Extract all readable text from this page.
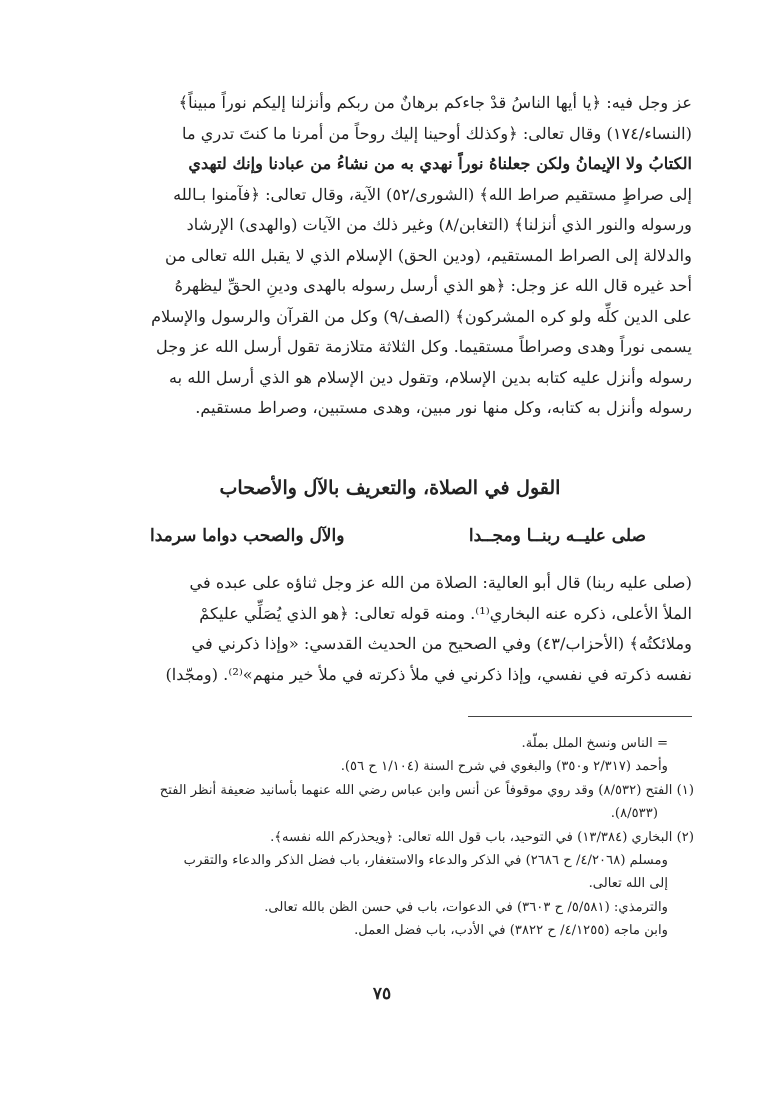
عز وجل فيه: ﴿يا أيها الناسُ قدْ جاءكم برهانٌ من ربكم وأنزلنا إليكم نوراً مبيناً﴾

(النساء/١٧٤) وقال تعالى: ﴿وكذلك أوحينا إليك روحاً من أمرنا ما كنتَ تدري ما

الكتابُ ولا الإيمانُ ولكن جعلناهُ نوراً نهدي به من نشاءُ من عبادنا وإنك لتهدي

إلى صراطٍ مستقيم صراط الله﴾ (الشورى/٥٢) الآية، وقال تعالى: ﴿فآمنوا بـالله

ورسوله والنور الذي أنزلنا﴾ (التغابن/٨) وغير ذلك من الآيات (والهدى) الإرشاد

والدلالة إلى الصراط المستقيم، (ودين الحق) الإسلام الذي لا يقبل الله تعالى من

أحد غيره قال الله عز وجل: ﴿هو الذي أرسل رسوله بالهدى ودينِ الحقِّ ليظهرهُ

على الدين كلِّه ولو كره المشركون﴾ (الصف/٩) وكل من القرآن والرسول والإسلام

يسمى نوراً وهدى وصراطاً مستقيما. وكل الثلاثة متلازمة تقول أرسل الله عز وجل

رسوله وأنزل عليه كتابه بدين الإسلام، وتقول دين الإسلام هو الذي أرسل الله به

رسوله وأنزل به كتابه، وكل منها نور مبين، وهدى مستبين، وصراط مستقيم.

القول في الصلاة، والتعريف بالآل والأصحاب
صلى عليــه ربنــا ومجــدا
والآل والصحب دواما سرمدا

(صلى عليه ربنا) قال أبو العالية: الصلاة من الله عز وجل ثناؤه على عبده في

الملأ الأعلى، ذكره عنه البخاري⁽¹⁾. ومنه قوله تعالى: ﴿هو الذي يُصَلِّي عليكمْ

وملائكتُه﴾ (الأحزاب/٤٣) وفي الصحيح من الحديث القدسي: «وإذا ذكرني في

نفسه ذكرته في نفسي، وإذا ذكرني في ملأ ذكرته في ملأ خير منهم»⁽²⁾. (ومجّدا)

= الناس ونسخ الملل بملّة.

وأحمد (٢/٣١٧ و٣٥٠) والبغوي في شرح السنة (١/١٠٤ ح ٥٦).

(١) الفتح (٨/٥٣٢) وقد روي موقوفاً عن أنس وابن عباس رضي الله عنهما بأسانيد ضعيفة أنظر الفتح

(٨/٥٣٣).

(٢) البخاري (١٣/٣٨٤) في التوحيد، باب قول الله تعالى: ﴿ويحذركم الله نفسه﴾.

ومسلم (٤/٢٠٦٨/ ح ٢٦٨٦) في الذكر والدعاء والاستغفار، باب فضل الذكر والدعاء والتقرب

إلى الله تعالى.

والترمذي: (٥/٥٨١/ ح ٣٦٠٣) في الدعوات، باب في حسن الظن بالله تعالى.

وابن ماجه (٤/١٢٥٥/ ح ٣٨٢٢) في الأدب، باب فضل العمل.

٧٥
